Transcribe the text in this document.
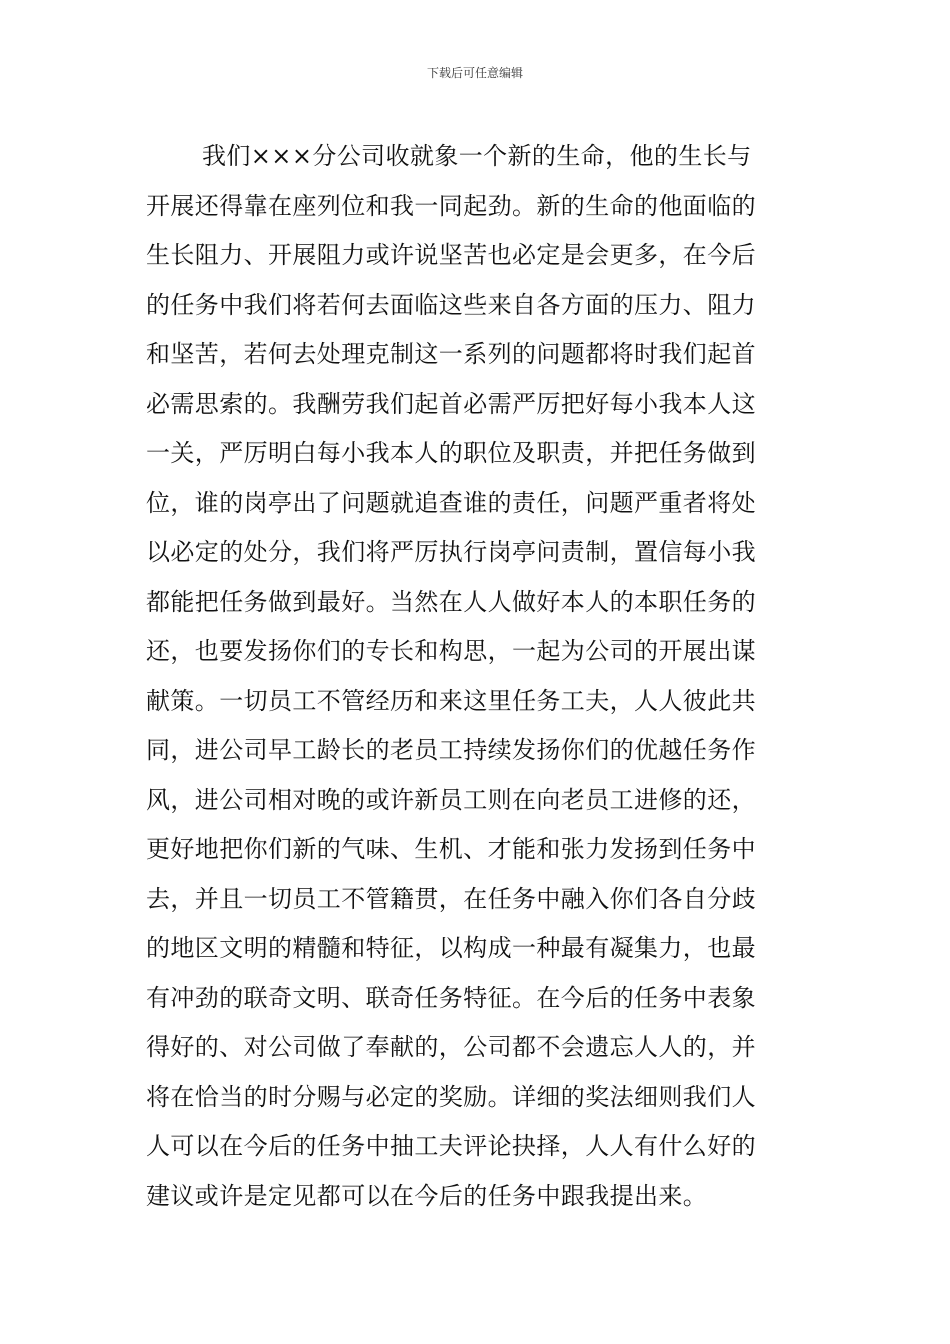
下载后可任意编辑
我们×××分公司收就象一个新的生命，他的生长与
开展还得靠在座列位和我一同起劲。新的生命的他面临的
生长阻力、开展阻力或许说坚苦也必定是会更多，在今后
的任务中我们将若何去面临这些来自各方面的压力、阻力
和坚苦，若何去处理克制这一系列的问题都将时我们起首
必需思索的。我酬劳我们起首必需严厉把好每小我本人这
一关，严厉明白每小我本人的职位及职责，并把任务做到
位，谁的岗亭出了问题就追查谁的责任，问题严重者将处
以必定的处分，我们将严厉执行岗亭问责制，置信每小我
都能把任务做到最好。当然在人人做好本人的本职任务的
还，也要发扬你们的专长和构思，一起为公司的开展出谋
献策。一切员工不管经历和来这里任务工夫，人人彼此共
同，进公司早工龄长的老员工持续发扬你们的优越任务作
风，进公司相对晚的或许新员工则在向老员工进修的还，
更好地把你们新的气味、生机、才能和张力发扬到任务中
去，并且一切员工不管籍贯，在任务中融入你们各自分歧
的地区文明的精髓和特征，以构成一种最有凝集力，也最
有冲劲的联奇文明、联奇任务特征。在今后的任务中表象
得好的、对公司做了奉献的，公司都不会遗忘人人的，并
将在恰当的时分赐与必定的奖励。详细的奖法细则我们人
人可以在今后的任务中抽工夫评论抉择，人人有什么好的
建议或许是定见都可以在今后的任务中跟我提出来。
